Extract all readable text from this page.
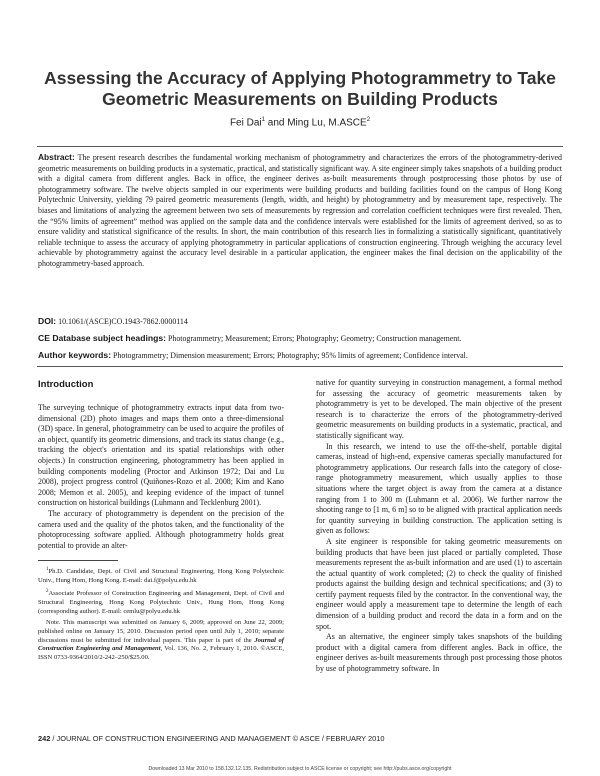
Assessing the Accuracy of Applying Photogrammetry to Take Geometric Measurements on Building Products
Fei Dai$^1$ and Ming Lu, M.ASCE$^2$

Abstract: The present research describes the fundamental working mechanism of photogrammetry and characterizes the errors of the photogrammetry-derived geometric measurements on building products in a systematic, practical, and statistically significant way. A site engineer simply takes snapshots of a building product with a digital camera from different angles. Back in office, the engineer derives as-built measurements through postprocessing those photos by use of photogrammetry software. The twelve objects sampled in our experiments were building products and building facilities found on the campus of Hong Kong Polytechnic University, yielding 79 paired geometric measurements (length, width, and height) by photogrammetry and by measurement tape, respectively. The biases and limitations of analyzing the agreement between two sets of measurements by regression and correlation coefficient techniques were first revealed. Then, the “95% limits of agreement” method was applied on the sample data and the confidence intervals were established for the limits of agreement derived, so as to ensure validity and statistical significance of the results. In short, the main contribution of this research lies in formalizing a statistically significant, quantitatively reliable technique to assess the accuracy of applying photogrammetry in particular applications of construction engineering. Through weighing the accuracy level achievable by photogrammetry against the accuracy level desirable in a particular application, the engineer makes the final decision on the applicability of the photogrammetry-based approach.

DOI: 10.1061/(ASCE)CO.1943-7862.0000114
CE Database subject headings: Photogrammetry; Measurement; Errors; Photography; Geometry; Construction management.
Author keywords: Photogrammetry; Dimension measurement; Errors; Photography; 95% limits of agreement; Confidence interval.
Introduction

The surveying technique of photogrammetry extracts input data from two-dimensional (2D) photo images and maps them onto a three-dimensional (3D) space. In general, photogrammetry can be used to acquire the profiles of an object, quantify its geometric dimensions, and track its status change (e.g., tracking the object's orientation and its spatial relationships with other objects.) In construction engineering, photogrammetry has been applied in building components modeling (Proctor and Atkinson 1972; Dai and Lu 2008), project progress control (Quiñones-Rozo et al. 2008; Kim and Kano 2008; Memon et al. 2005), and keeping evidence of the impact of tunnel construction on historical buildings (Luhmann and Tecklenburg 2001).

The accuracy of photogrammetry is dependent on the precision of the camera used and the quality of the photos taken, and the functionality of the photoprocessing software applied. Although photogrammetry holds great potential to provide an alter-

$^1$Ph.D. Candidate, Dept. of Civil and Structural Engineering, Hong Kong Polytechnic Univ., Hung Hom, Hong Kong. E-mail: dai.f@polyu.edu.hk

$^2$Associate Professor of Construction Engineering and Management, Dept. of Civil and Structural Engineering, Hong Kong Polytechnic Univ., Hung Hom, Hong Kong (corresponding author). E-mail: cemlu@polyu.edu.hk

Note. This manuscript was submitted on January 6, 2009; approved on June 22, 2009; published online on January 15, 2010. Discussion period open until July 1, 2010; separate discussions must be submitted for individual papers. This paper is part of the Journal of Construction Engineering and Management, Vol. 136, No. 2, February 1, 2010. ©ASCE, ISSN 0733-9364/2010/2-242–250/$25.00.

native for quantity surveying in construction management, a formal method for assessing the accuracy of geometric measurements taken by photogrammetry is yet to be developed. The main objective of the present research is to characterize the errors of the photogrammetry-derived geometric measurements on building products in a systematic, practical, and statistically significant way.

In this research, we intend to use the off-the-shelf, portable digital cameras, instead of high-end, expensive cameras specially manufactured for photogrammetry applications. Our research falls into the category of close-range photogrammetry measurement, which usually applies to those situations where the target object is away from the camera at a distance ranging from 1 to 300 m (Luhmann et al. 2006). We further narrow the shooting range to [1 m, 6 m] so to be aligned with practical application needs for quantity surveying in building construction. The application setting is given as follows:

A site engineer is responsible for taking geometric measurements on building products that have been just placed or partially completed. Those measurements represent the as-built information and are used (1) to ascertain the actual quantity of work completed; (2) to check the quality of finished products against the building design and technical specifications; and (3) to certify payment requests filed by the contractor. In the conventional way, the engineer would apply a measurement tape to determine the length of each dimension of a building product and record the data in a form and on the spot.

As an alternative, the engineer simply takes snapshots of the building product with a digital camera from different angles. Back in office, the engineer derives as-built measurements through post processing those photos by use of photogrammetry software. In

242 / JOURNAL OF CONSTRUCTION ENGINEERING AND MANAGEMENT © ASCE / FEBRUARY 2010
Downloaded 13 Mar 2010 to 158.132.12.135. Redistribution subject to ASCE license or copyright; see http://pubs.asce.org/copyright
